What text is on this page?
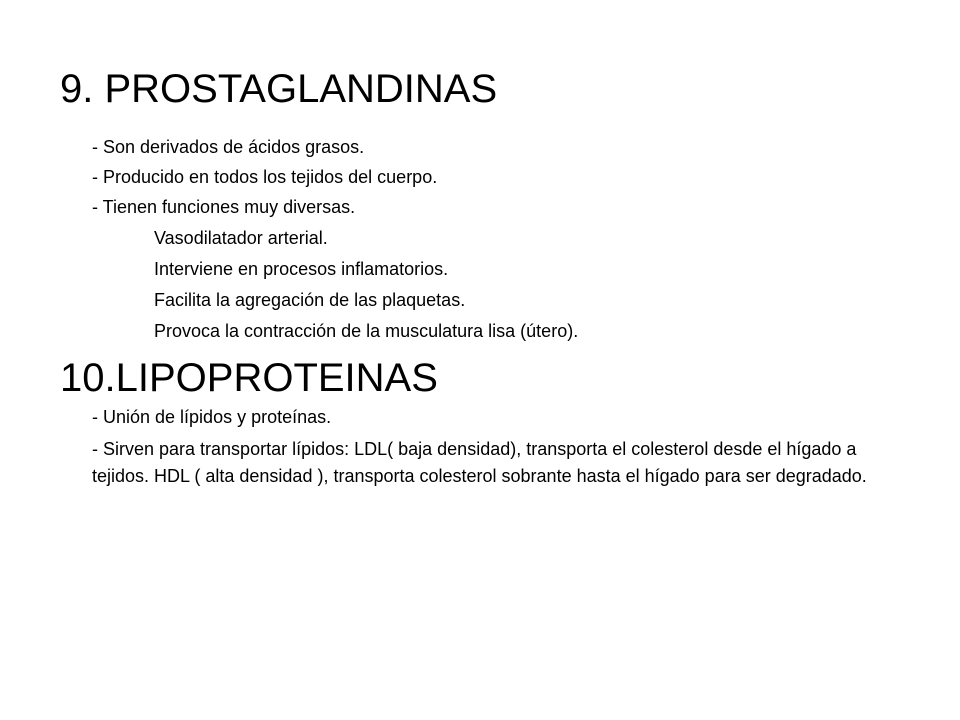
9. PROSTAGLANDINAS
- Son derivados de ácidos grasos.
- Producido en todos los tejidos del cuerpo.
- Tienen funciones muy diversas.
Vasodilatador arterial.
Interviene en procesos inflamatorios.
Facilita la agregación de las plaquetas.
Provoca la contracción de la musculatura lisa (útero).
10.LIPOPROTEINAS
- Unión de lípidos y proteínas.
- Sirven para transportar lípidos: LDL( baja densidad), transporta el colesterol desde el hígado a tejidos. HDL ( alta densidad ), transporta colesterol sobrante hasta el hígado para ser degradado.
